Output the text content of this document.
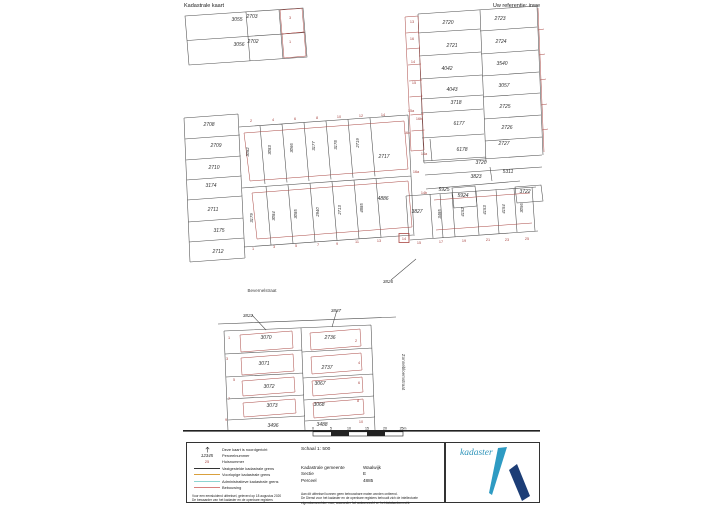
Kadastrale kaart	Uw referentie: inwe
3055 2703
3056 2702
2720
2723
2721
2724
4042
3540
4043
3057
3718
2725
6177
2726
6178
2727
3720
3823
5311
5925
5924
3722
3827
2708
2709
2710
3174
2711
3175
2712
2717
4886
3082	3083	3066	3177	3178	2719
3179	3084	3085	2940	2713	4885
3485	4152	4153	4154	3056
3070	2736
3071
2737
3072	3067
3073	3068
3496	3488
3
1
13
16
14
15
15a
16b
16c
14a
16a
14b
2	4	6	8	10	12	14
1	3	5	7	9	11	13	14
15	17	19	21	23	25
1
3
5
7
9
2
4
6
8
10
Bevernelstraat
Zonnebloemstraat
3822
3837
3826
0	5	10	15	20	25m
Deze kaart is noordgericht
12345	Perceelnummer
25	Huisnummer
Vastgestelde kadastrale grens
Voorlopige kadastrale grens
Administratieve kadastrale grens
Bebouwing
Voor een eensluidend uittreksel, geleverd op 18 augustus 2020
De bewaarder van het kadaster en de openbare registers
Schaal 1: 500
Kadastrale gemeente	Waalwijk
Sectie	E
Perceel	4885
Aan dit uittreksel kunnen geen betrouwbare maten worden ontleend.
De Dienst voor het kadaster en de openbare registers behoudt zich de intellectuele
eigendomsrechten voor, waaronder het auteursrecht en het databankenrecht.
kadaster
